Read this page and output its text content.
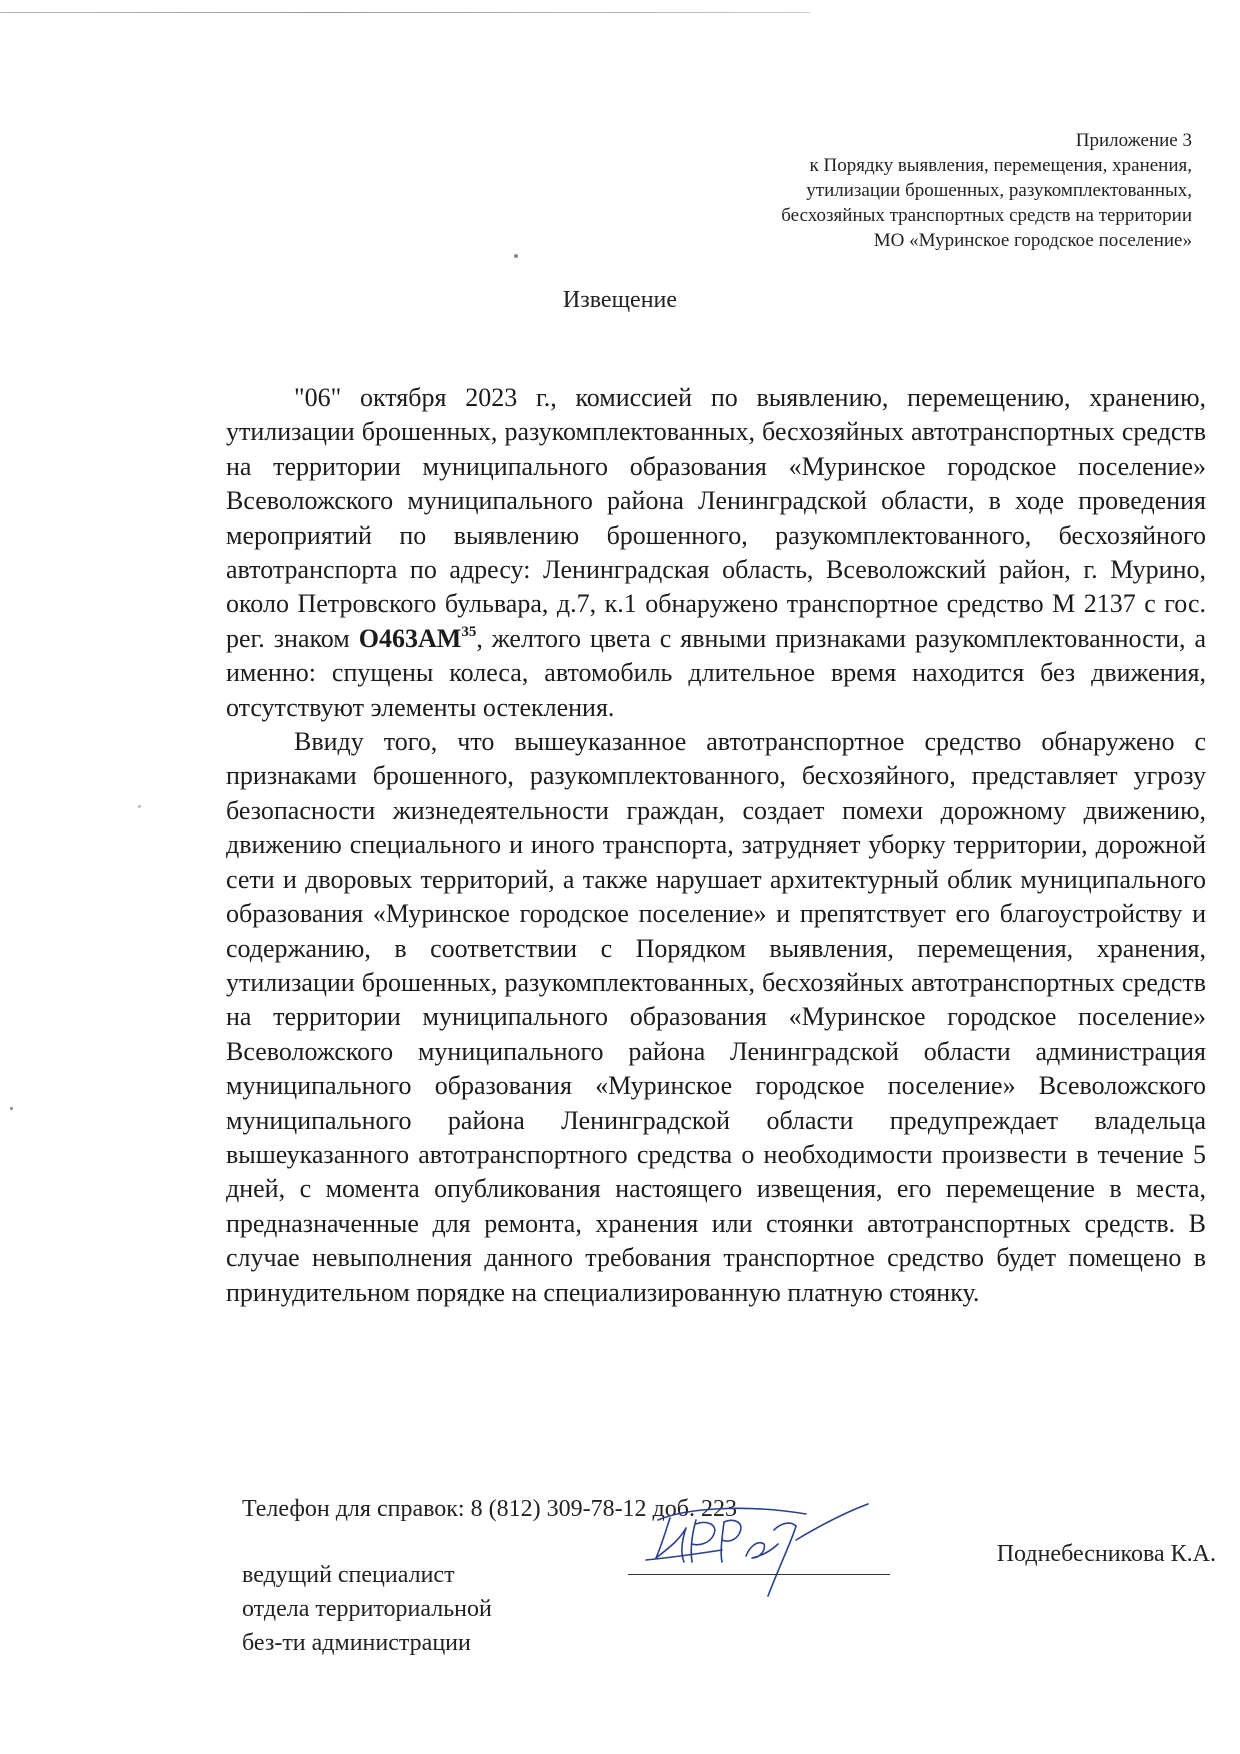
Приложение 3
к Порядку выявления, перемещения, хранения,
утилизации брошенных, разукомплектованных,
бесхозяйных транспортных средств на территории
МО «Муринское городское поселение»
Извещение

"06" октября 2023 г., комиссией по выявлению, перемещению, хранению, утилизации брошенных, разукомплектованных, бесхозяйных автотранспортных средств на территории муниципального образования «Муринское городское поселение» Всеволожского муниципального района Ленинградской области, в ходе проведения мероприятий по выявлению брошенного, разукомплектованного, бесхозяйного автотранспорта по адресу: Ленинградская область, Всеволожский район, г. Мурино, около Петровского бульвара, д.7, к.1 обнаружено транспортное средство М 2137 с гос. рег. знаком О463АМ$^{35}$, желтого цвета с явными признаками разукомплектованности, а именно: спущены колеса, автомобиль длительное время находится без движения, отсутствуют элементы остекления.

Ввиду того, что вышеуказанное автотранспортное средство обнаружено с признаками брошенного, разукомплектованного, бесхозяйного, представляет угрозу безопасности жизнедеятельности граждан, создает помехи дорожному движению, движению специального и иного транспорта, затрудняет уборку территории, дорожной сети и дворовых территорий, а также нарушает архитектурный облик муниципального образования «Муринское городское поселение» и препятствует его благоустройству и содержанию, в соответствии с Порядком выявления, перемещения, хранения, утилизации брошенных, разукомплектованных, бесхозяйных автотранспортных средств на территории муниципального образования «Муринское городское поселение» Всеволожского муниципального района Ленинградской области администрация муниципального образования «Муринское городское поселение» Всеволожского муниципального района Ленинградской области предупреждает владельца вышеуказанного автотранспортного средства о необходимости произвести в течение 5 дней, с момента опубликования настоящего извещения, его перемещение в места, предназначенные для ремонта, хранения или стоянки автотранспортных средств. В случае невыполнения данного требования транспортное средство будет помещено в принудительном порядке на специализированную платную стоянку.

Телефон для справок: 8 (812) 309-78-12 доб. 223
ведущий специалист
отдела территориальной
без-ти администрации
Поднебесникова К.А.
